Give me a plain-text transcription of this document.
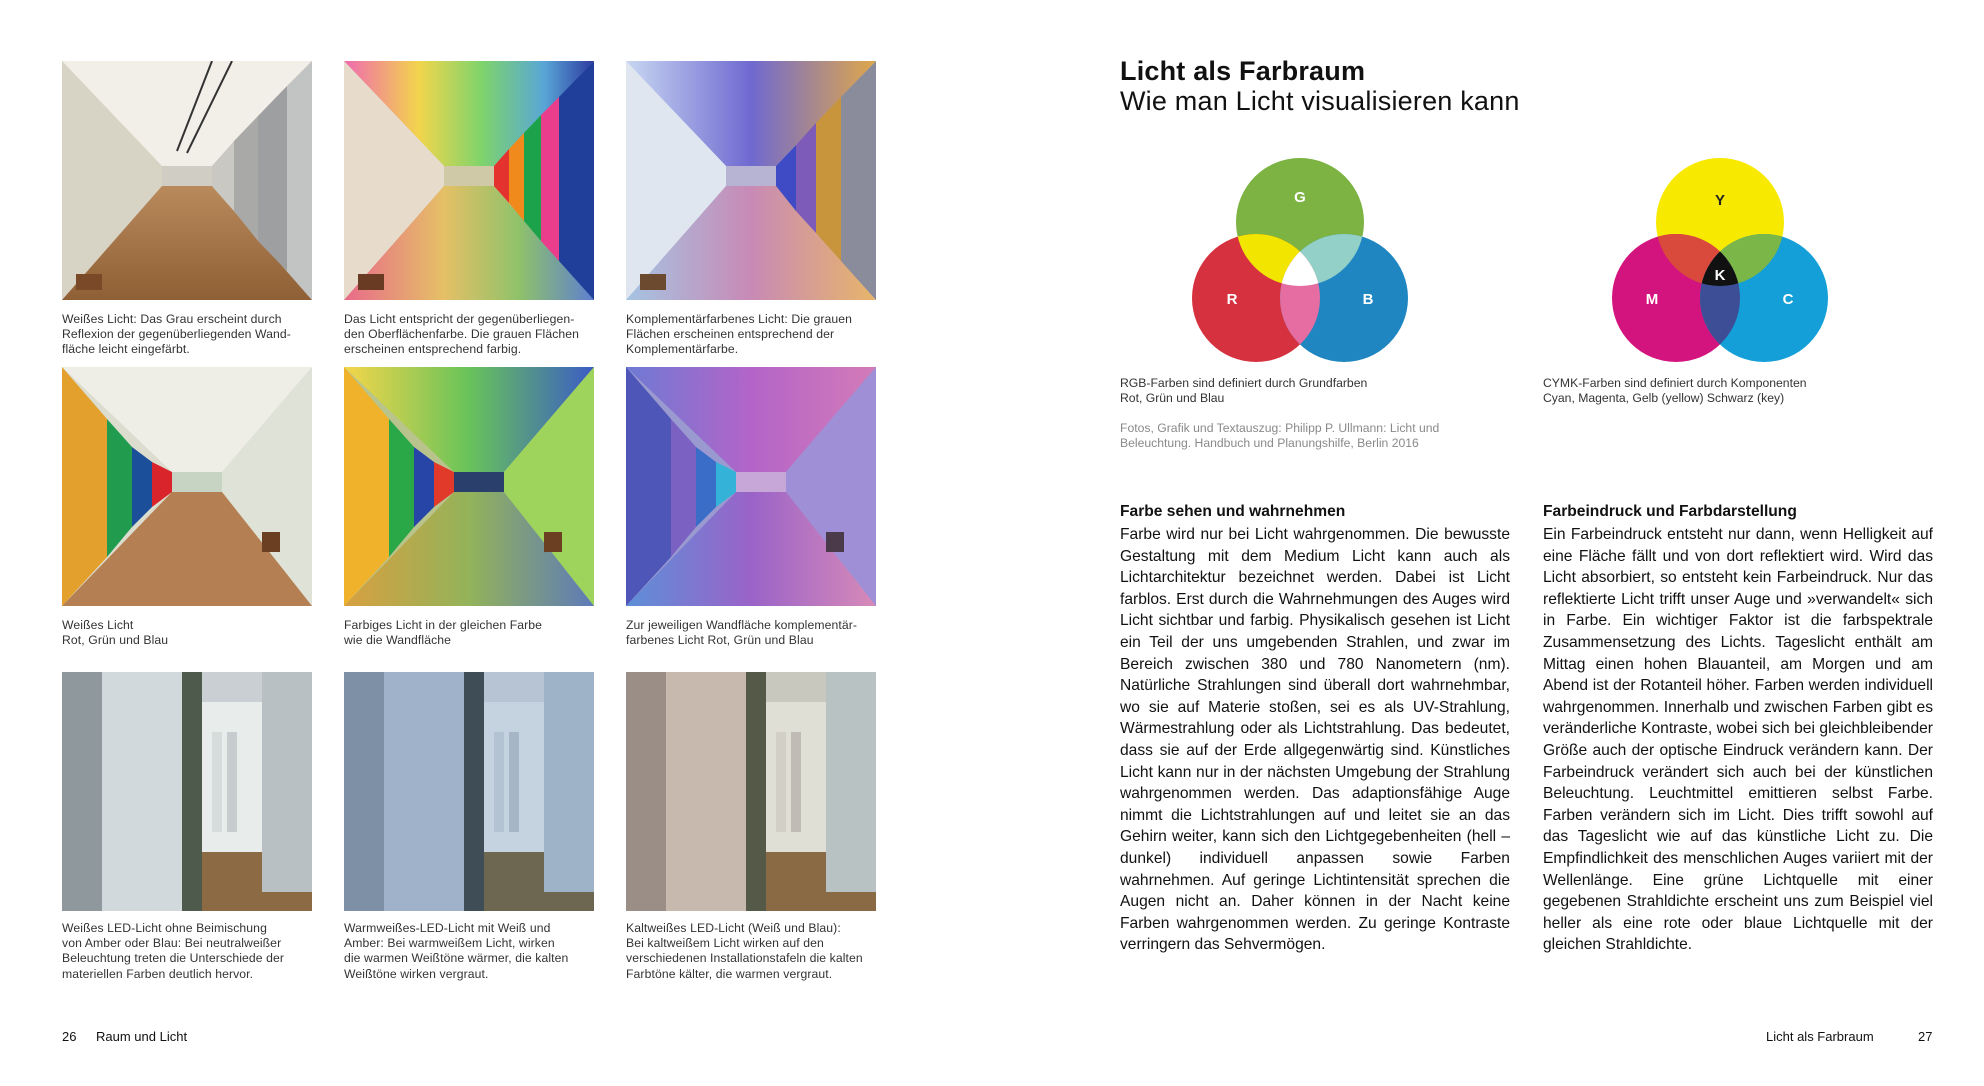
Weißes Licht: Das Grau erscheint durch
Reflexion der gegenüberliegenden Wand-
fläche leicht eingefärbt.
Das Licht entspricht der gegenüberliegen-
den Oberflächenfarbe. Die grauen Flächen
erscheinen entsprechend farbig.
Komplementärfarbenes Licht: Die grauen
Flächen erscheinen entsprechend der
Komplementärfarbe.
Weißes Licht
Rot, Grün und Blau
Farbiges Licht in der gleichen Farbe
wie die Wandfläche
Zur jeweiligen Wandfläche komplementär-
farbenes Licht Rot, Grün und Blau
Weißes LED-Licht ohne Beimischung
von Amber oder Blau: Bei neutralweißer
Beleuchtung treten die Unterschiede der
materiellen Farben deutlich hervor.
Warmweißes-LED-Licht mit Weiß und
Amber: Bei warmweißem Licht, wirken
die warmen Weißtöne wärmer, die kalten
Weißtöne wirken vergraut.
Kaltweißes LED-Licht (Weiß und Blau):
Bei kaltweißem Licht wirken auf den
verschiedenen Installationstafeln die kalten
Farbtöne kälter, die warmen vergraut.
26 Raum und Licht
Licht als Farbraum
Wie man Licht visualisieren kann
G
R	B
Y
M	C
K
RGB-Farben sind definiert durch Grundfarben
Rot, Grün und Blau
CYMK-Farben sind definiert durch Komponenten
Cyan, Magenta, Gelb (yellow) Schwarz (key)
Fotos, Grafik und Textauszug: Philipp P. Ullmann: Licht und
Beleuchtung. Handbuch und Planungshilfe, Berlin 2016
Farbe sehen und wahrnehmen

Farbe wird nur bei Licht wahrgenommen. Die bewusste Gestaltung mit dem Medium Licht kann auch als Lichtarchitektur bezeichnet werden. Dabei ist Licht farblos. Erst durch die Wahrnehmungen des Auges wird Licht sichtbar und farbig. Physikalisch gesehen ist Licht ein Teil der uns umgebenden Strahlen, und zwar im Bereich zwischen 380 und 780 Nanometern (nm). Natürliche Strahlungen sind überall dort wahrnehmbar, wo sie auf Materie stoßen, sei es als UV-Strahlung, Wärmestrahlung oder als Lichtstrahlung. Das bedeutet, dass sie auf der Erde allgegenwärtig sind. Künstliches Licht kann nur in der nächsten Umgebung der Strahlung wahrgenommen werden. Das adaptionsfähige Auge nimmt die Lichtstrahlungen auf und leitet sie an das Gehirn weiter, kann sich den Lichtgegebenheiten (hell – dunkel) individuell anpassen sowie Farben wahrnehmen. Auf geringe Lichtintensität sprechen die Augen nicht an. Daher können in der Nacht keine Farben wahrgenommen werden. Zu geringe Kontraste verringern das Sehvermögen.

Farbeindruck und Farbdarstellung

Ein Farbeindruck entsteht nur dann, wenn Helligkeit auf eine Fläche fällt und von dort reflektiert wird. Wird das Licht absorbiert, so entsteht kein Farbeindruck. Nur das reflektierte Licht trifft unser Auge und »verwandelt« sich in Farbe. Ein wichtiger Faktor ist die farbspektrale Zusammensetzung des Lichts. Tageslicht enthält am Mittag einen hohen Blauanteil, am Morgen und am Abend ist der Rotanteil höher. Farben werden individuell wahrgenommen. Innerhalb und zwischen Farben gibt es veränderliche Kontraste, wobei sich bei gleichbleibender Größe auch der optische Eindruck verändern kann. Der Farbeindruck verändert sich auch bei der künstlichen Beleuchtung. Leuchtmittel emittieren selbst Farbe. Farben verändern sich im Licht. Dies trifft sowohl auf das Tageslicht wie auf das künstliche Licht zu. Die Empfindlichkeit des menschlichen Auges variiert mit der Wellenlänge. Eine grüne Lichtquelle mit einer gegebenen Strahldichte erscheint uns zum Beispiel viel heller als eine rote oder blaue Lichtquelle mit der gleichen Strahldichte.

Licht als Farbraum	27
